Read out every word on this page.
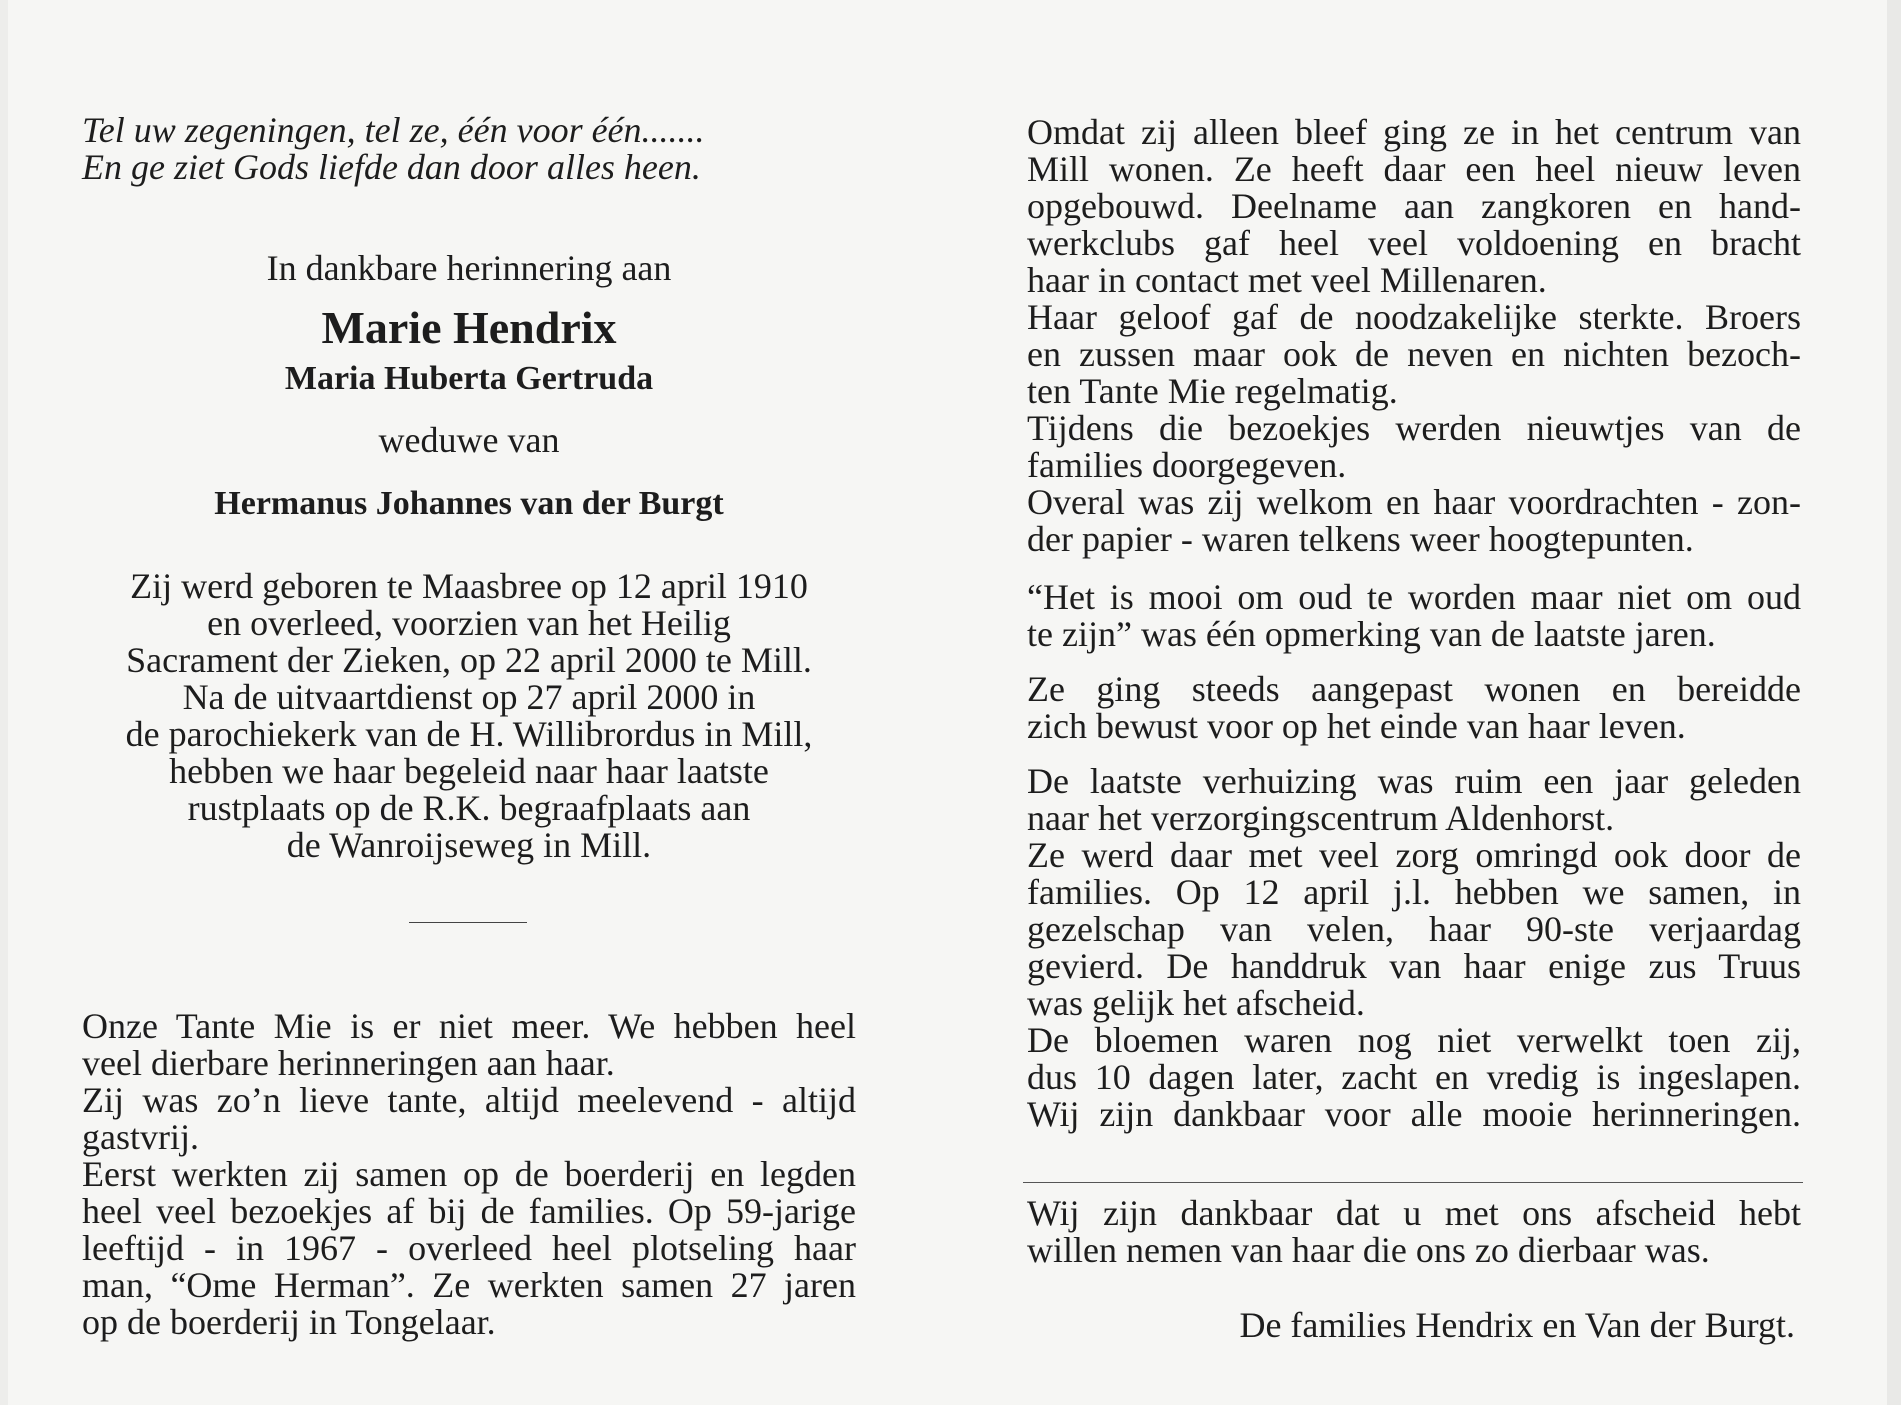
Tel uw zegeningen, tel ze, één voor één.......
En ge ziet Gods liefde dan door alles heen.
In dankbare herinnering aan
Marie Hendrix
Maria Huberta Gertruda
weduwe van
Hermanus Johannes van der Burgt
Zij werd geboren te Maasbree op 12 april 1910
en overleed, voorzien van het Heilig
Sacrament der Zieken, op 22 april 2000 te Mill.
Na de uitvaartdienst op 27 april 2000 in
de parochiekerk van de H. Willibrordus in Mill,
hebben we haar begeleid naar haar laatste
rustplaats op de R.K. begraafplaats aan
de Wanroijseweg in Mill.
Onze Tante Mie is er niet meer. We hebben heel
veel dierbare herinneringen aan haar.
Zij was zo’n lieve tante, altijd meelevend - altijd
gastvrij.
Eerst werkten zij samen op de boerderij en legden
heel veel bezoekjes af bij de families. Op 59-jarige
leeftijd - in 1967 - overleed heel plotseling haar
man, “Ome Herman”. Ze werkten samen 27 jaren
op de boerderij in Tongelaar.
Omdat zij alleen bleef ging ze in het centrum van
Mill wonen. Ze heeft daar een heel nieuw leven
opgebouwd. Deelname aan zangkoren en hand-
werkclubs gaf heel veel voldoening en bracht
haar in contact met veel Millenaren.
Haar geloof gaf de noodzakelijke sterkte. Broers
en zussen maar ook de neven en nichten bezoch-
ten Tante Mie regelmatig.
Tijdens die bezoekjes werden nieuwtjes van de
families doorgegeven.
Overal was zij welkom en haar voordrachten - zon-
der papier - waren telkens weer hoogtepunten.
“Het is mooi om oud te worden maar niet om oud
te zijn” was één opmerking van de laatste jaren.
Ze ging steeds aangepast wonen en bereidde
zich bewust voor op het einde van haar leven.
De laatste verhuizing was ruim een jaar geleden
naar het verzorgingscentrum Aldenhorst.
Ze werd daar met veel zorg omringd ook door de
families. Op 12 april j.l. hebben we samen, in
gezelschap van velen, haar 90-ste verjaardag
gevierd. De handdruk van haar enige zus Truus
was gelijk het afscheid.
De bloemen waren nog niet verwelkt toen zij,
dus 10 dagen later, zacht en vredig is ingeslapen.
Wij zijn dankbaar voor alle mooie herinneringen.
Wij zijn dankbaar dat u met ons afscheid hebt
willen nemen van haar die ons zo dierbaar was.
De families Hendrix en Van der Burgt.
